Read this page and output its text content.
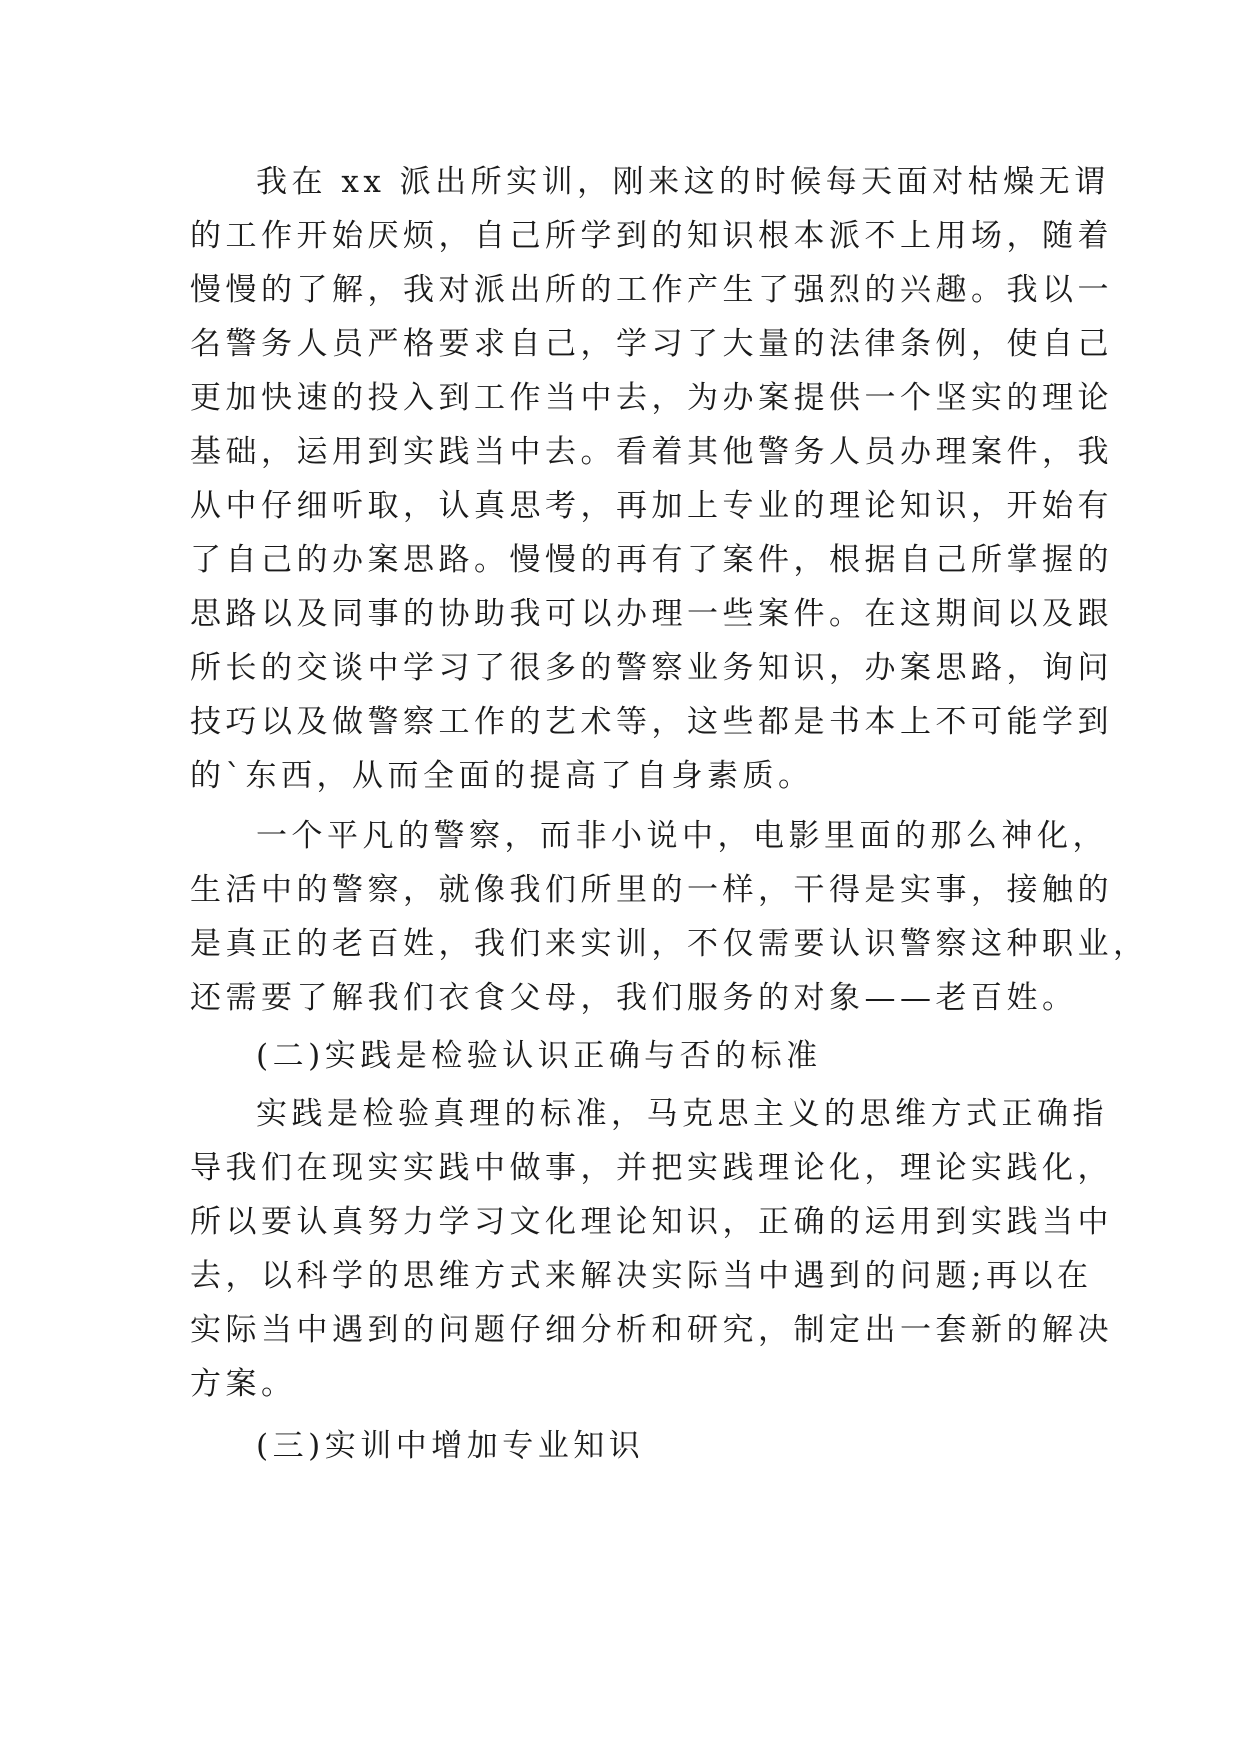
我在 xx 派出所实训，刚来这的时候每天面对枯燥无谓
的工作开始厌烦，自己所学到的知识根本派不上用场，随着
慢慢的了解，我对派出所的工作产生了强烈的兴趣。我以一
名警务人员严格要求自己，学习了大量的法律条例，使自己
更加快速的投入到工作当中去，为办案提供一个坚实的理论
基础，运用到实践当中去。看着其他警务人员办理案件，我
从中仔细听取，认真思考，再加上专业的理论知识，开始有
了自己的办案思路。慢慢的再有了案件，根据自己所掌握的
思路以及同事的协助我可以办理一些案件。在这期间以及跟
所长的交谈中学习了很多的警察业务知识，办案思路，询问
技巧以及做警察工作的艺术等，这些都是书本上不可能学到
的`东西，从而全面的提高了自身素质。
一个平凡的警察，而非小说中，电影里面的那么神化，
生活中的警察，就像我们所里的一样，干得是实事，接触的
是真正的老百姓，我们来实训，不仅需要认识警察这种职业，
还需要了解我们衣食父母，我们服务的对象——老百姓。
(二)实践是检验认识正确与否的标准
实践是检验真理的标准，马克思主义的思维方式正确指
导我们在现实实践中做事，并把实践理论化，理论实践化，
所以要认真努力学习文化理论知识，正确的运用到实践当中
去，以科学的思维方式来解决实际当中遇到的问题;再以在
实际当中遇到的问题仔细分析和研究，制定出一套新的解决
方案。
(三)实训中增加专业知识
